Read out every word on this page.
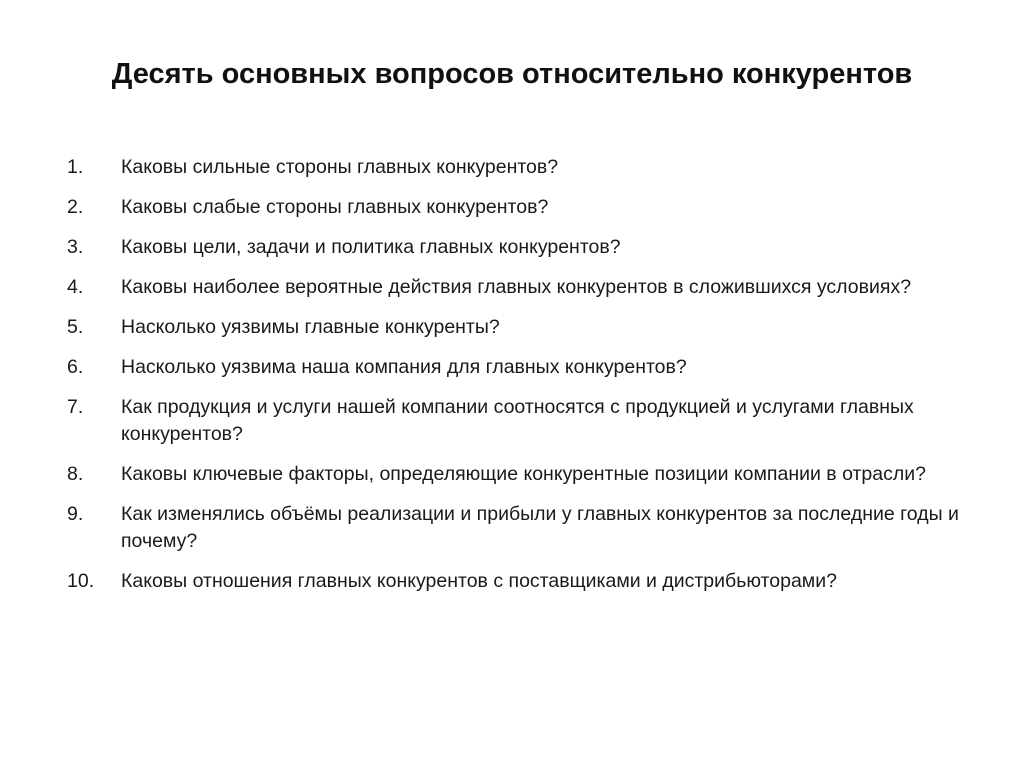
Десять основных вопросов относительно конкурентов
1. Каковы сильные стороны главных конкурентов?
2. Каковы слабые стороны главных конкурентов?
3. Каковы цели, задачи и политика главных конкурентов?
4. Каковы наиболее вероятные действия главных конкурентов в сложившихся условиях?
5. Насколько уязвимы главные конкуренты?
6. Насколько уязвима наша компания для главных конкурентов?
7. Как продукция и услуги нашей компании соотносятся с продукцией и услугами главных конкурентов?
8. Каковы ключевые факторы, определяющие конкурентные позиции компании в отрасли?
9. Как изменялись объёмы реализации и прибыли у главных конкурентов за последние годы и почему?
10. Каковы отношения главных конкурентов с поставщиками и дистрибьюторами?
